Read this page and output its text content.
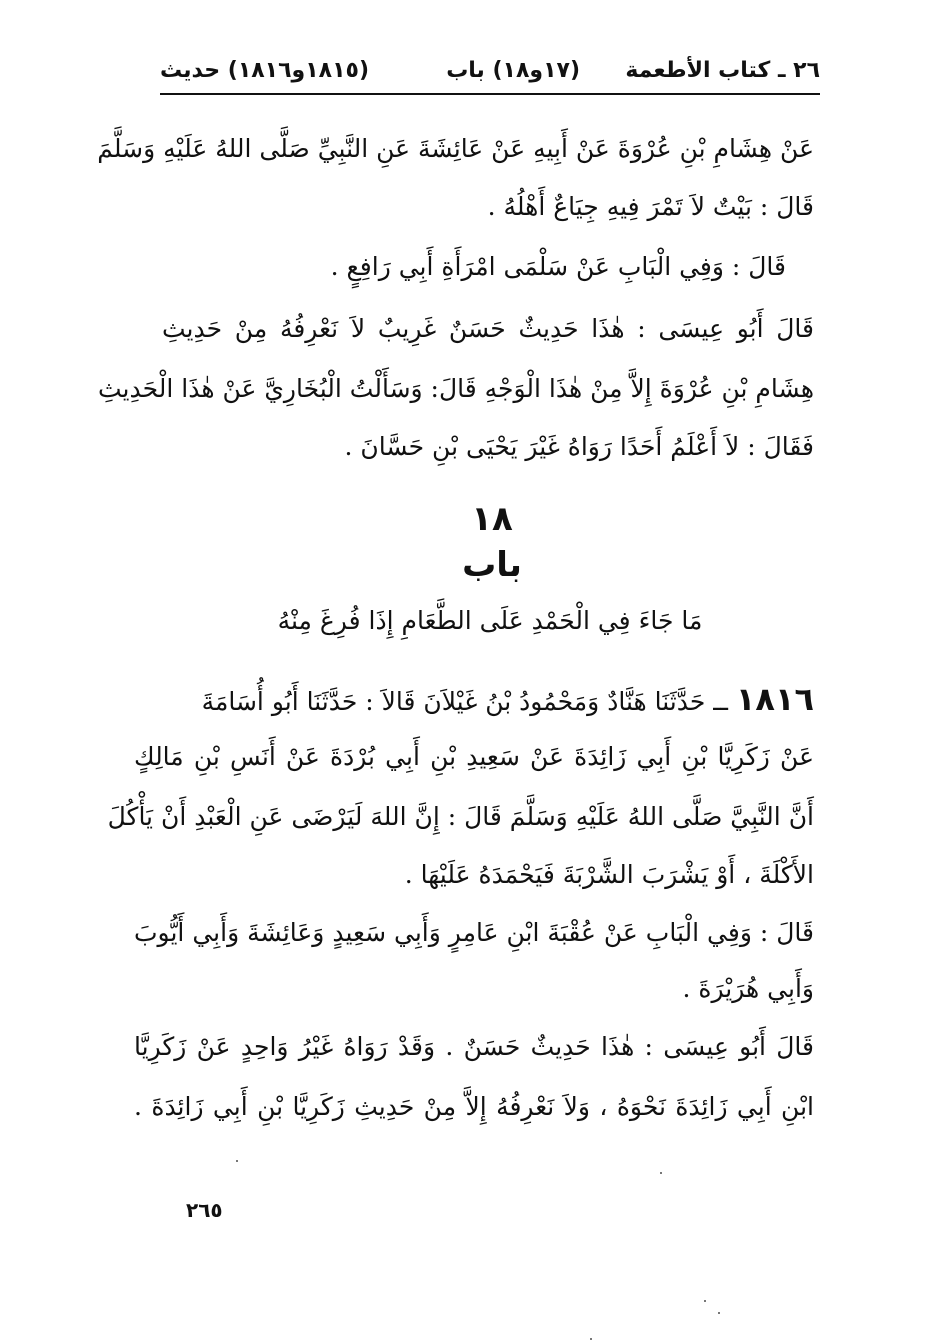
٢٦ ـ كتاب الأطعمة
(١٧و١٨) باب
(١٨١٥و١٨١٦) حديث
عَنْ هِشَامِ بْنِ عُرْوَةَ عَنْ أَبِيهِ عَنْ عَائِشَةَ عَنِ النَّبِيِّ صَلَّى اللهُ عَلَيْهِ وَسَلَّمَ
قَالَ : بَيْتٌ لاَ تَمْرَ فِيهِ جِيَاعٌ أَهْلُهُ .
قَالَ : وَفِي الْبَابِ عَنْ سَلْمَى امْرَأَةِ أَبِي رَافِعٍ .
قَالَ أَبُو عِيسَى : هٰذَا حَدِيثٌ حَسَنٌ غَرِيبٌ لاَ نَعْرِفُهُ مِنْ حَدِيثِ
هِشَامِ بْنِ عُرْوَةَ إِلاَّ مِنْ هٰذَا الْوَجْهِ قَالَ: وَسَأَلْتُ الْبُخَارِيَّ عَنْ هٰذَا الْحَدِيثِ
فَقَالَ : لاَ أَعْلَمُ أَحَدًا رَوَاهُ غَيْرَ يَحْيَى بْنِ حَسَّانَ .
١٨
باب
مَا جَاءَ فِي الْحَمْدِ عَلَى الطَّعَامِ إِذَا فُرِغَ مِنْهُ
١٨١٦ ــ حَدَّثَنَا هَنَّادٌ وَمَحْمُودُ بْنُ غَيْلاَنَ قَالاَ : حَدَّثَنَا أَبُو أُسَامَةَ
عَنْ زَكَرِيَّا بْنِ أَبِي زَائِدَةَ عَنْ سَعِيدِ بْنِ أَبِي بُرْدَةَ عَنْ أَنَسِ بْنِ مَالِكٍ
أَنَّ النَّبِيَّ صَلَّى اللهُ عَلَيْهِ وَسَلَّمَ قَالَ : إِنَّ اللهَ لَيَرْضَى عَنِ الْعَبْدِ أَنْ يَأْكُلَ
الأَكْلَةَ ، أَوْ يَشْرَبَ الشَّرْبَةَ فَيَحْمَدَهُ عَلَيْهَا .
قَالَ : وَفِي الْبَابِ عَنْ عُقْبَةَ ابْنِ عَامِرٍ وَأَبِي سَعِيدٍ وَعَائِشَةَ وَأَبِي أَيُّوبَ
وَأَبِي هُرَيْرَةَ .
قَالَ أَبُو عِيسَى : هٰذَا حَدِيثٌ حَسَنٌ . وَقَدْ رَوَاهُ غَيْرُ وَاحِدٍ عَنْ زَكَرِيَّا
ابْنِ أَبِي زَائِدَةَ نَحْوَهُ ، وَلاَ نَعْرِفُهُ إِلاَّ مِنْ حَدِيثِ زَكَرِيَّا بْنِ أَبِي زَائِدَةَ .
٢٦٥
